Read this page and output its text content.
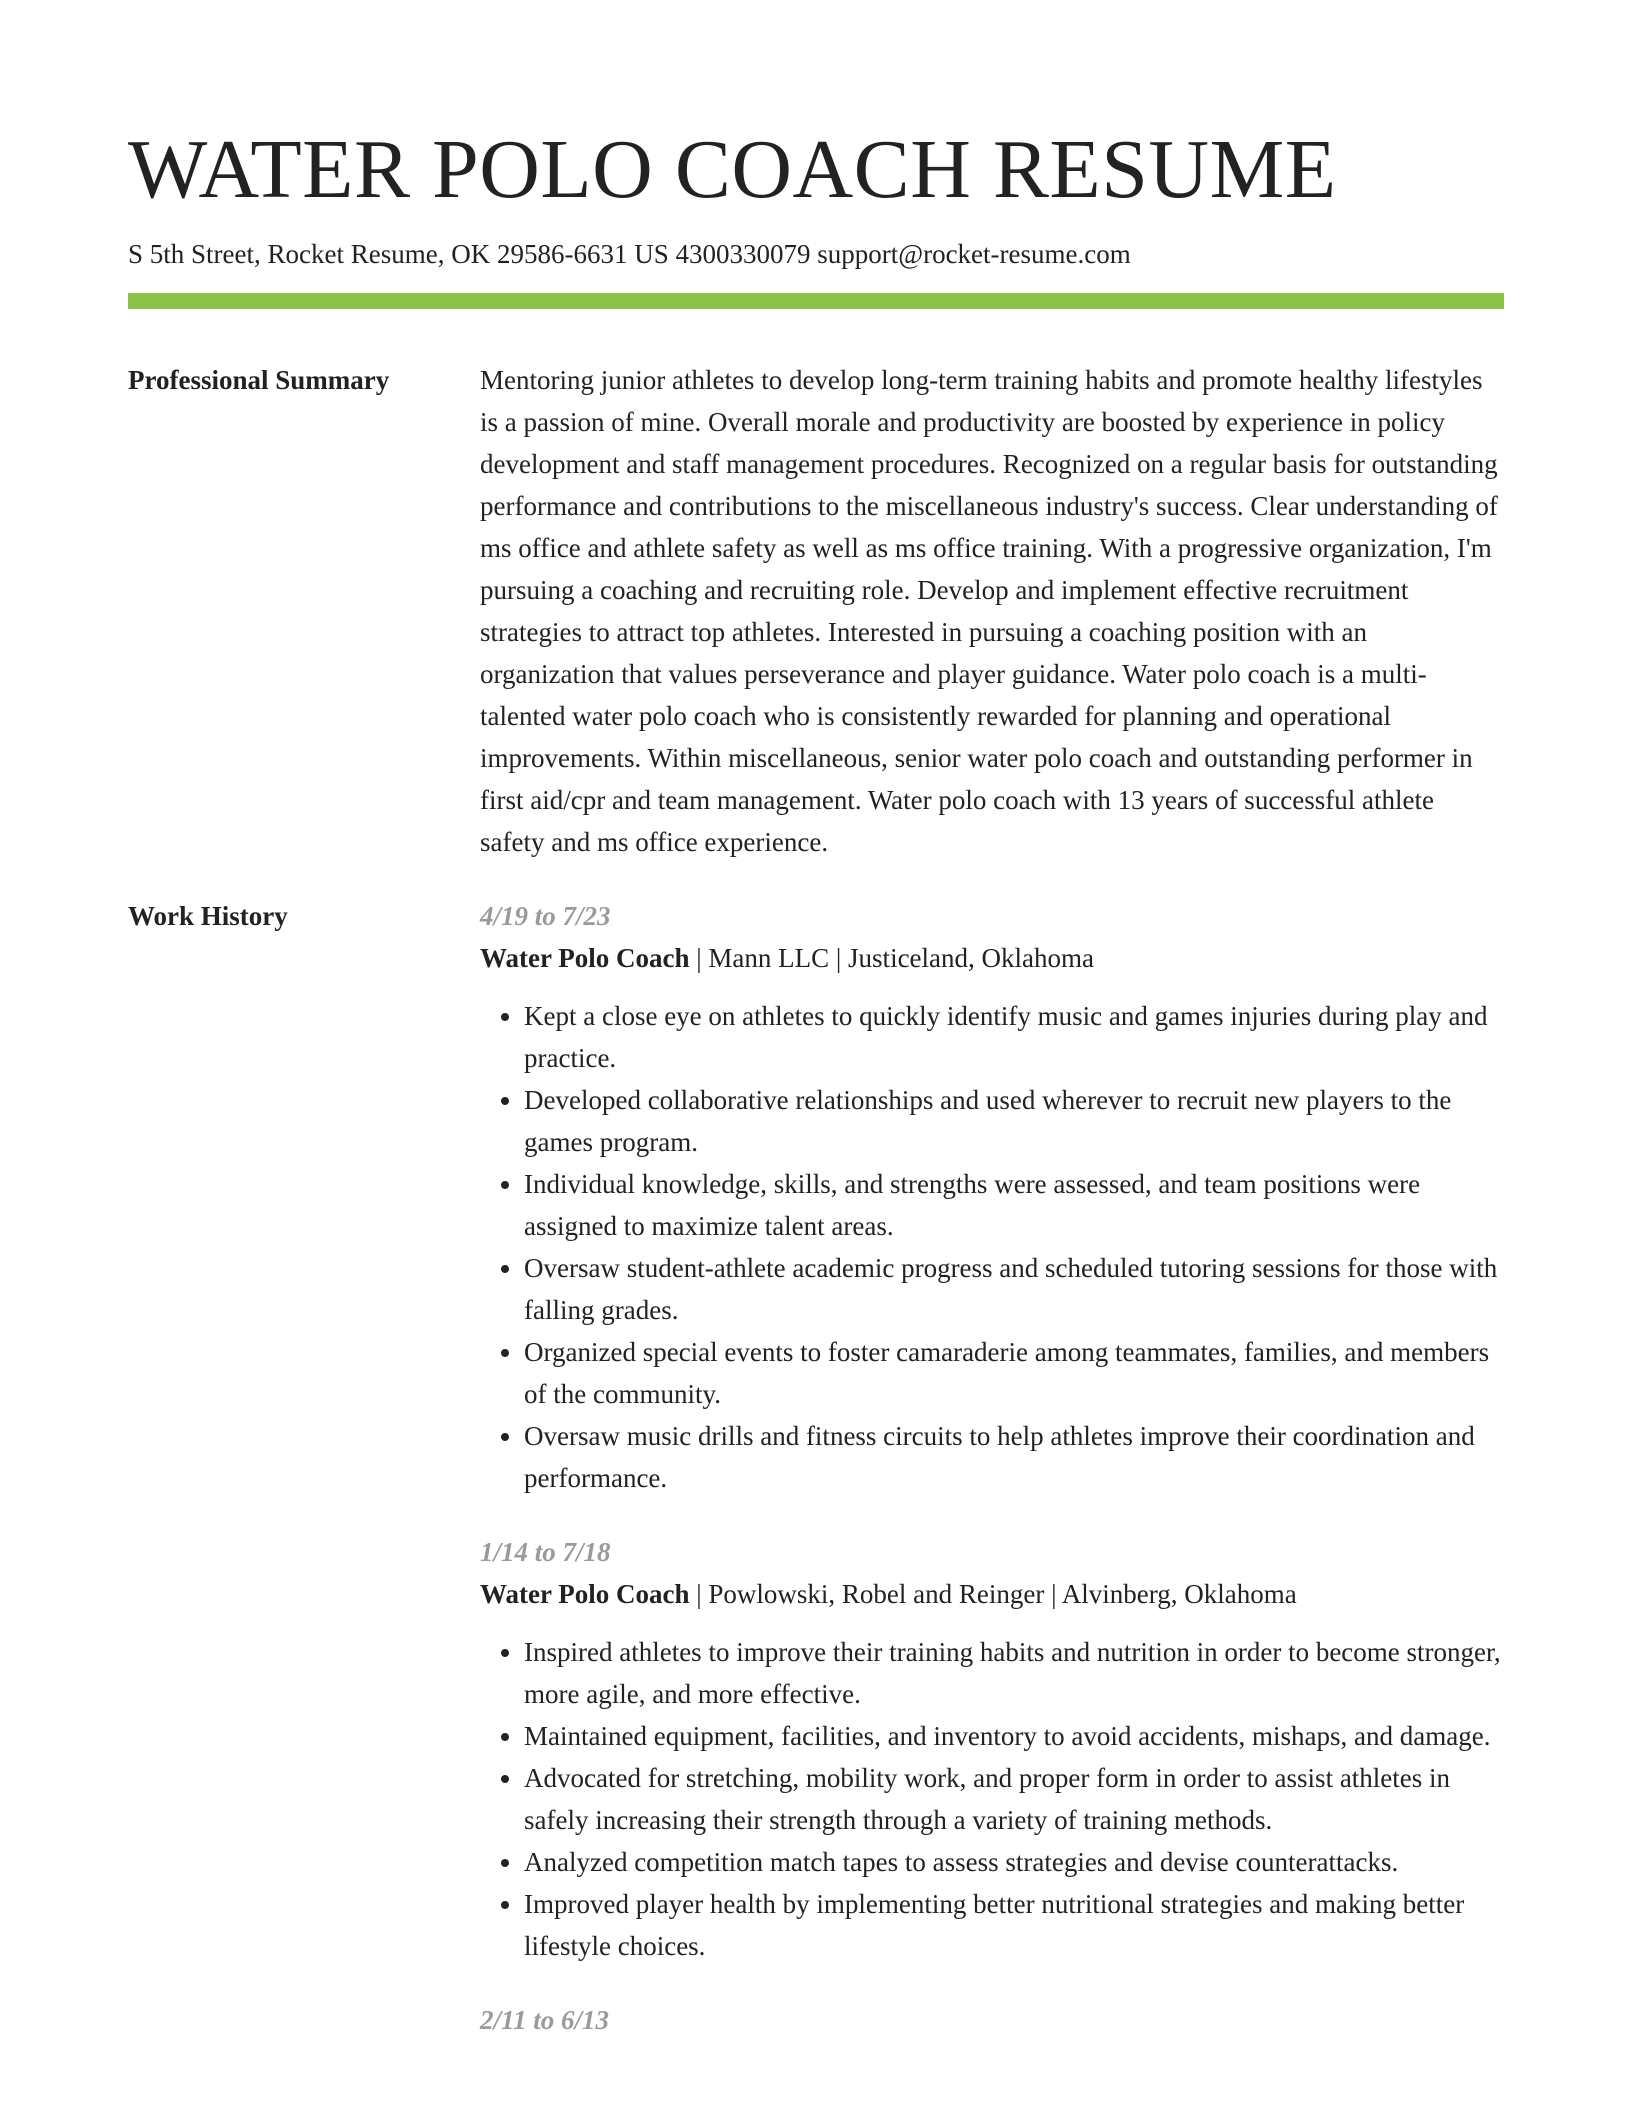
WATER POLO COACH RESUME
S 5th Street, Rocket Resume, OK 29586-6631 US 4300330079 support@rocket-resume.com
Professional Summary	Mentoring junior athletes to develop long-term training habits and promote healthy lifestyles is a passion of mine. Overall morale and productivity are boosted by experience in policy development and staff management procedures. Recognized on a regular basis for outstanding performance and contributions to the miscellaneous industry's success. Clear understanding of ms office and athlete safety as well as ms office training. With a progressive organization, I'm pursuing a coaching and recruiting role. Develop and implement effective recruitment strategies to attract top athletes. Interested in pursuing a coaching position with an organization that values perseverance and player guidance. Water polo coach is a multi-talented water polo coach who is consistently rewarded for planning and operational improvements. Within miscellaneous, senior water polo coach and outstanding performer in first aid/cpr and team management. Water polo coach with 13 years of successful athlete safety and ms office experience.

Work History	4/19 to 7/23
Water Polo Coach | Mann LLC | Justiceland, Oklahoma
• Kept a close eye on athletes to quickly identify music and games injuries during play and practice.
• Developed collaborative relationships and used wherever to recruit new players to the games program.
• Individual knowledge, skills, and strengths were assessed, and team positions were assigned to maximize talent areas.
• Oversaw student-athlete academic progress and scheduled tutoring sessions for those with falling grades.
• Organized special events to foster camaraderie among teammates, families, and members of the community.
• Oversaw music drills and fitness circuits to help athletes improve their coordination and performance.
1/14 to 7/18
Water Polo Coach | Powlowski, Robel and Reinger | Alvinberg, Oklahoma
• Inspired athletes to improve their training habits and nutrition in order to become stronger, more agile, and more effective.
• Maintained equipment, facilities, and inventory to avoid accidents, mishaps, and damage.
• Advocated for stretching, mobility work, and proper form in order to assist athletes in safely increasing their strength through a variety of training methods.
• Analyzed competition match tapes to assess strategies and devise counterattacks.
• Improved player health by implementing better nutritional strategies and making better lifestyle choices.
2/11 to 6/13
